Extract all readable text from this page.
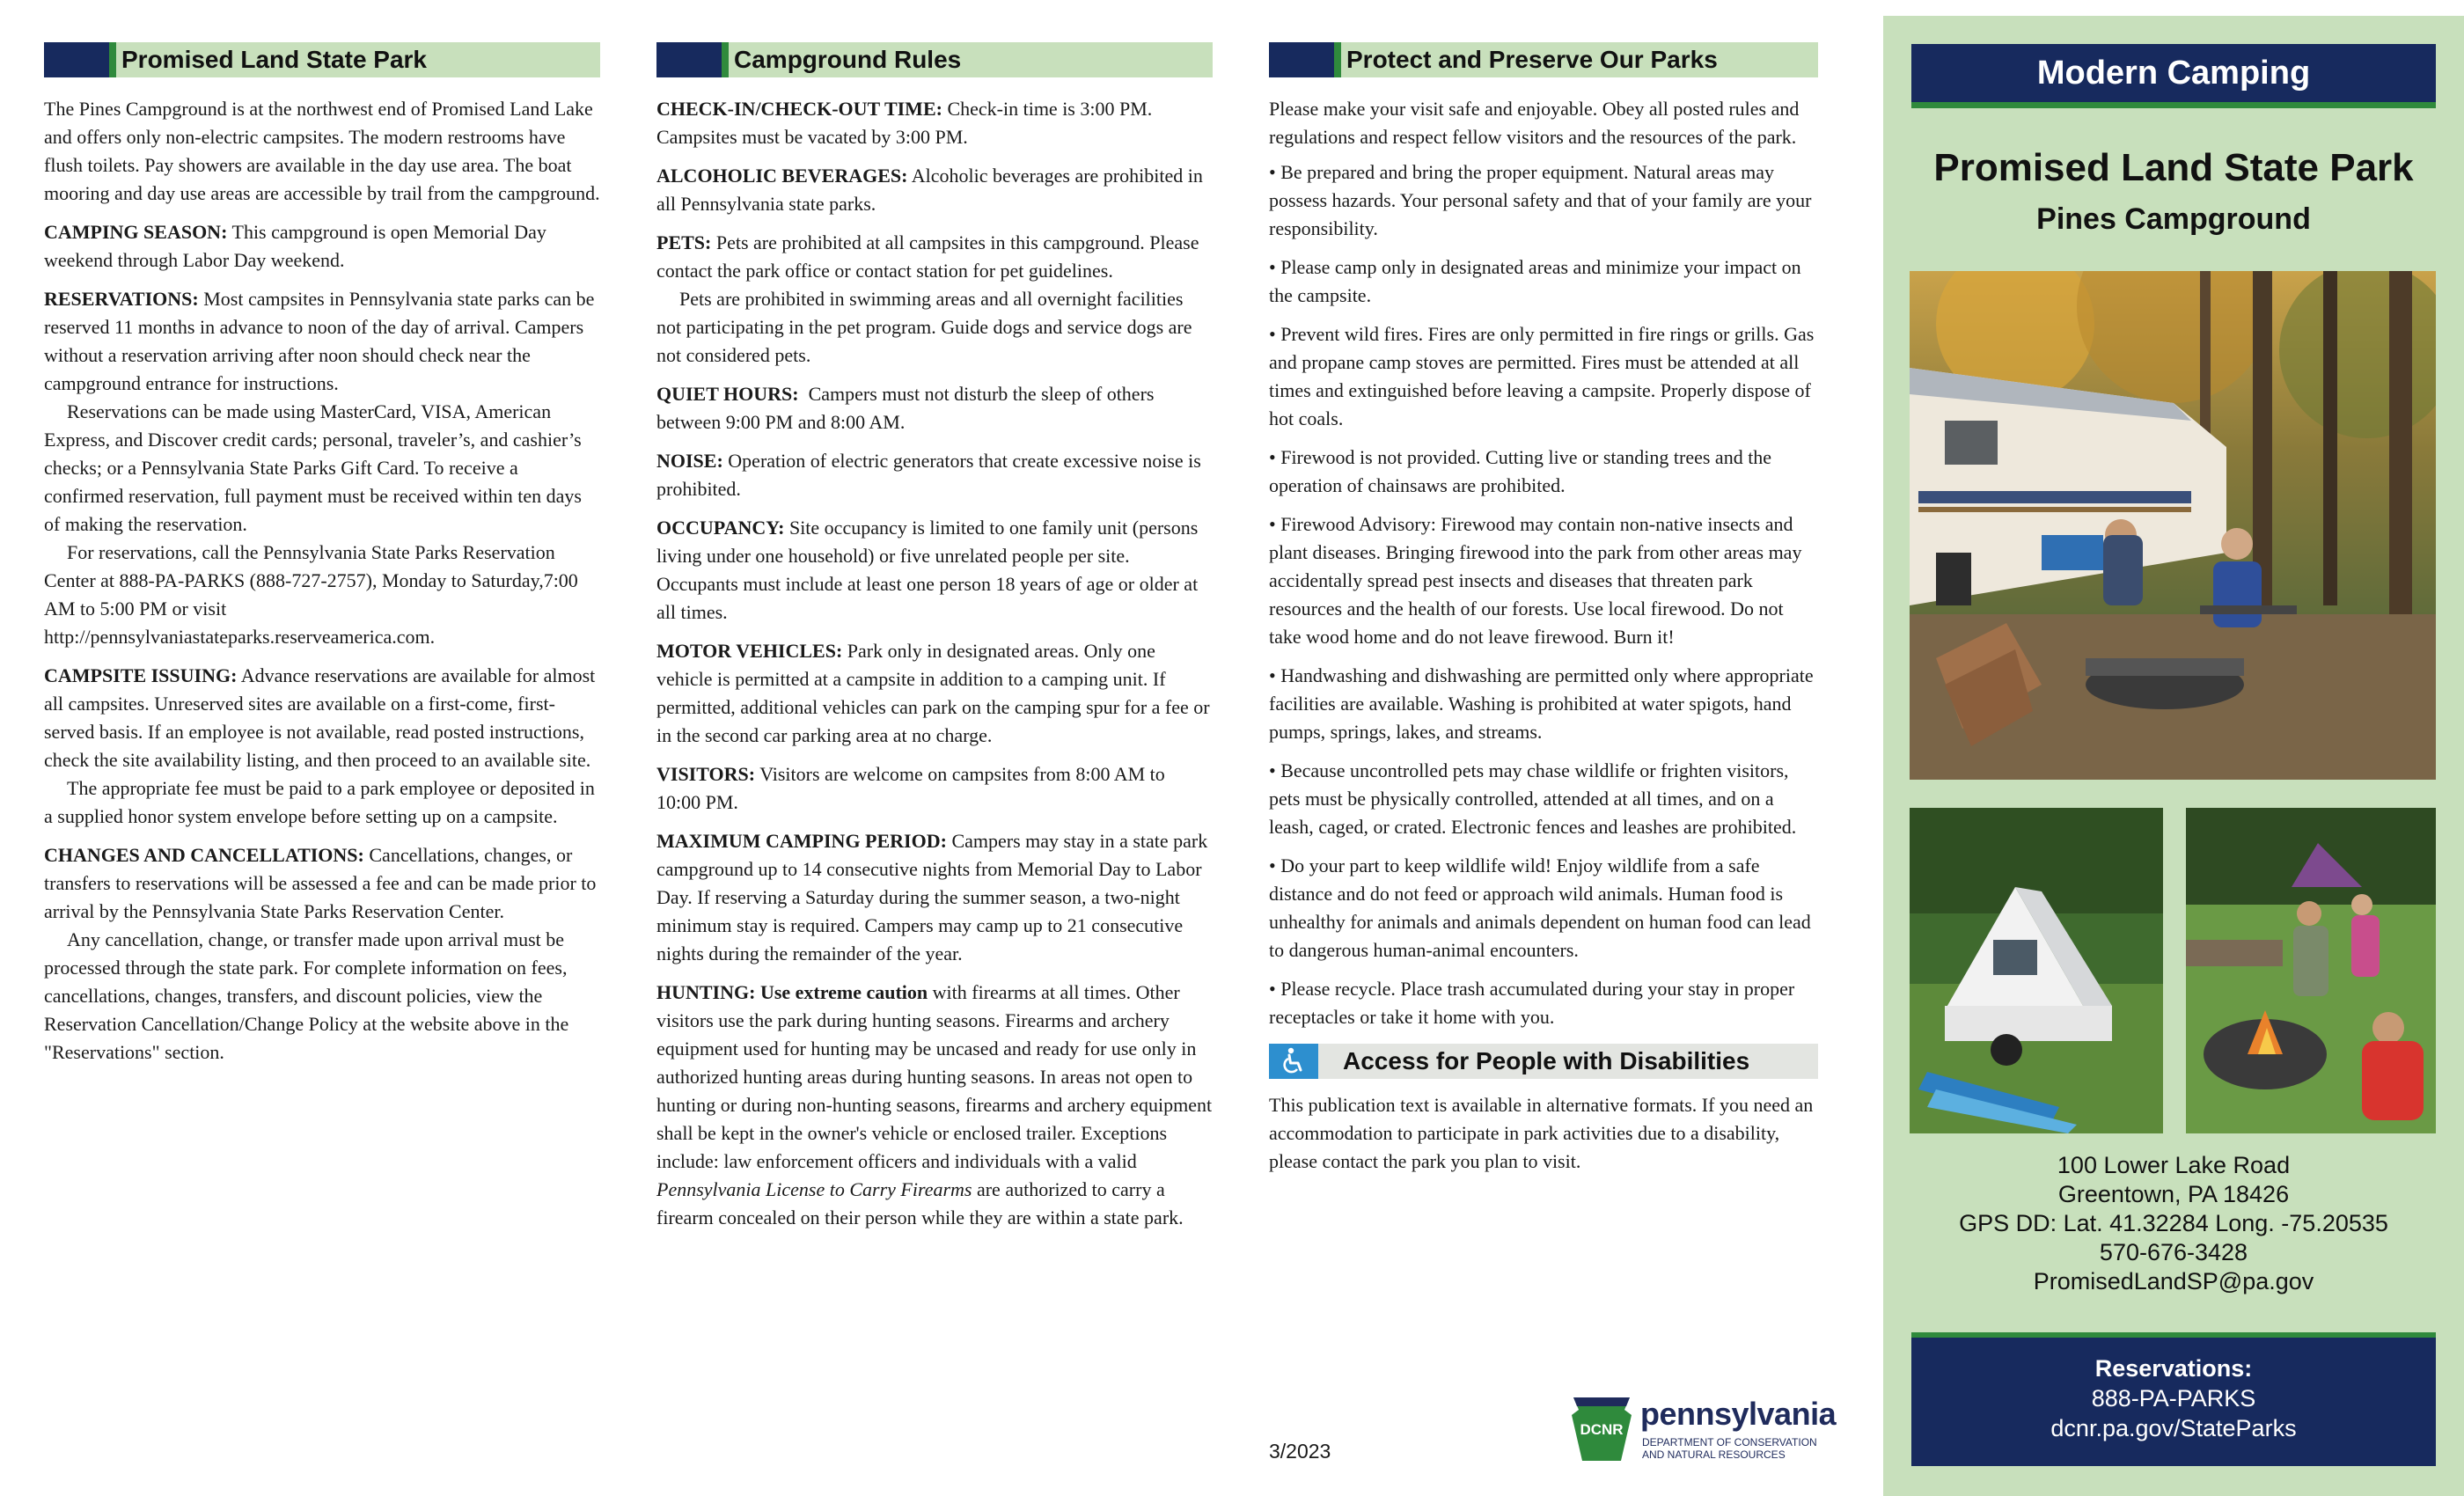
Promised Land State Park

The Pines Campground is at the northwest end of Promised Land Lake and offers only non-electric campsites. The modern restrooms have flush toilets. Pay showers are available in the day use area. The boat mooring and day use areas are accessible by trail from the campground.

CAMPING SEASON: This campground is open Memorial Day weekend through Labor Day weekend.

RESERVATIONS: Most campsites in Pennsylvania state parks can be reserved 11 months in advance to noon of the day of arrival. Campers without a reservation arriving after noon should check near the campground entrance for instructions.

Reservations can be made using MasterCard, VISA, American Express, and Discover credit cards; personal, traveler’s, and cashier’s checks; or a Pennsylvania State Parks Gift Card. To receive a confirmed reservation, full payment must be received within ten days of making the reservation.

For reservations, call the Pennsylvania State Parks Reservation Center at 888-PA-PARKS (888-727-2757), Monday to Saturday,7:00 AM to 5:00 PM or visit http://pennsylvaniastateparks.reserveamerica.com.

CAMPSITE ISSUING: Advance reservations are available for almost all campsites. Unreserved sites are available on a first-come, first-served basis. If an employee is not available, read posted instructions, check the site availability listing, and then proceed to an available site.

The appropriate fee must be paid to a park employee or deposited in a supplied honor system envelope before setting up on a campsite.

CHANGES AND CANCELLATIONS: Cancellations, changes, or transfers to reservations will be assessed a fee and can be made prior to arrival by the Pennsylvania State Parks Reservation Center.

Any cancellation, change, or transfer made upon arrival must be processed through the state park. For complete information on fees, cancellations, changes, transfers, and discount policies, view the Reservation Cancellation/Change Policy at the website above in the "Reservations" section.

Campground Rules

CHECK-IN/CHECK-OUT TIME: Check-in time is 3:00 PM. Campsites must be vacated by 3:00 PM.

ALCOHOLIC BEVERAGES: Alcoholic beverages are prohibited in all Pennsylvania state parks.

PETS: Pets are prohibited at all campsites in this campground. Please contact the park office or contact station for pet guidelines.

Pets are prohibited in swimming areas and all overnight facilities not participating in the pet program. Guide dogs and service dogs are not considered pets.

QUIET HOURS:  Campers must not disturb the sleep of others between 9:00 PM and 8:00 AM.

NOISE: Operation of electric generators that create excessive noise is prohibited.

OCCUPANCY: Site occupancy is limited to one family unit (persons living under one household) or five unrelated people per site. Occupants must include at least one person 18 years of age or older at all times.

MOTOR VEHICLES: Park only in designated areas. Only one vehicle is permitted at a campsite in addition to a camping unit. If permitted, additional vehicles can park on the camping spur for a fee or in the second car parking area at no charge.

VISITORS: Visitors are welcome on campsites from 8:00 AM to 10:00 PM.

MAXIMUM CAMPING PERIOD: Campers may stay in a state park campground up to 14 consecutive nights from Memorial Day to Labor Day. If reserving a Saturday during the summer season, a two-night minimum stay is required. Campers may camp up to 21 consecutive nights during the remainder of the year.

HUNTING: Use extreme caution with firearms at all times. Other visitors use the park during hunting seasons. Firearms and archery equipment used for hunting may be uncased and ready for use only in authorized hunting areas during hunting seasons. In areas not open to hunting or during non-hunting seasons, firearms and archery equipment shall be kept in the owner's vehicle or enclosed trailer. Exceptions include: law enforcement officers and individuals with a valid Pennsylvania License to Carry Firearms are authorized to carry a firearm concealed on their person while they are within a state park.

Protect and Preserve Our Parks

Please make your visit safe and enjoyable. Obey all posted rules and regulations and respect fellow visitors and the resources of the park.

• Be prepared and bring the proper equipment. Natural areas may possess hazards. Your personal safety and that of your family are your responsibility.

• Please camp only in designated areas and minimize your impact on the campsite.

• Prevent wild fires. Fires are only permitted in fire rings or grills. Gas and propane camp stoves are permitted. Fires must be attended at all times and extinguished before leaving a campsite. Properly dispose of hot coals.

• Firewood is not provided. Cutting live or standing trees and the operation of chainsaws are prohibited.

• Firewood Advisory: Firewood may contain non-native insects and plant diseases. Bringing firewood into the park from other areas may accidentally spread pest insects and diseases that threaten park resources and the health of our forests. Use local firewood. Do not take wood home and do not leave firewood. Burn it!

• Handwashing and dishwashing are permitted only where appropriate facilities are available. Washing is prohibited at water spigots, hand pumps, springs, lakes, and streams.

• Because uncontrolled pets may chase wildlife or frighten visitors, pets must be physically controlled, attended at all times, and on a leash, caged, or crated. Electronic fences and leashes are prohibited.

• Do your part to keep wildlife wild! Enjoy wildlife from a safe distance and do not feed or approach wild animals. Human food is unhealthy for animals and animals dependent on human food can lead to dangerous human-animal encounters.

• Please recycle. Place trash accumulated during your stay in proper receptacles or take it home with you.

Access for People with Disabilities

This publication text is available in alternative formats. If you need an accommodation to participate in park activities due to a disability, please contact the park you plan to visit.

3/2023
DCNR pennsylvania
DEPARTMENT OF CONSERVATION
AND NATURAL RESOURCES
Modern Camping
Promised Land State Park
Pines Campground
100 Lower Lake Road
Greentown, PA 18426
GPS DD: Lat. 41.32284 Long. -75.20535
570-676-3428
PromisedLandSP@pa.gov
Reservations:
888-PA-PARKS
dcnr.pa.gov/StateParks
